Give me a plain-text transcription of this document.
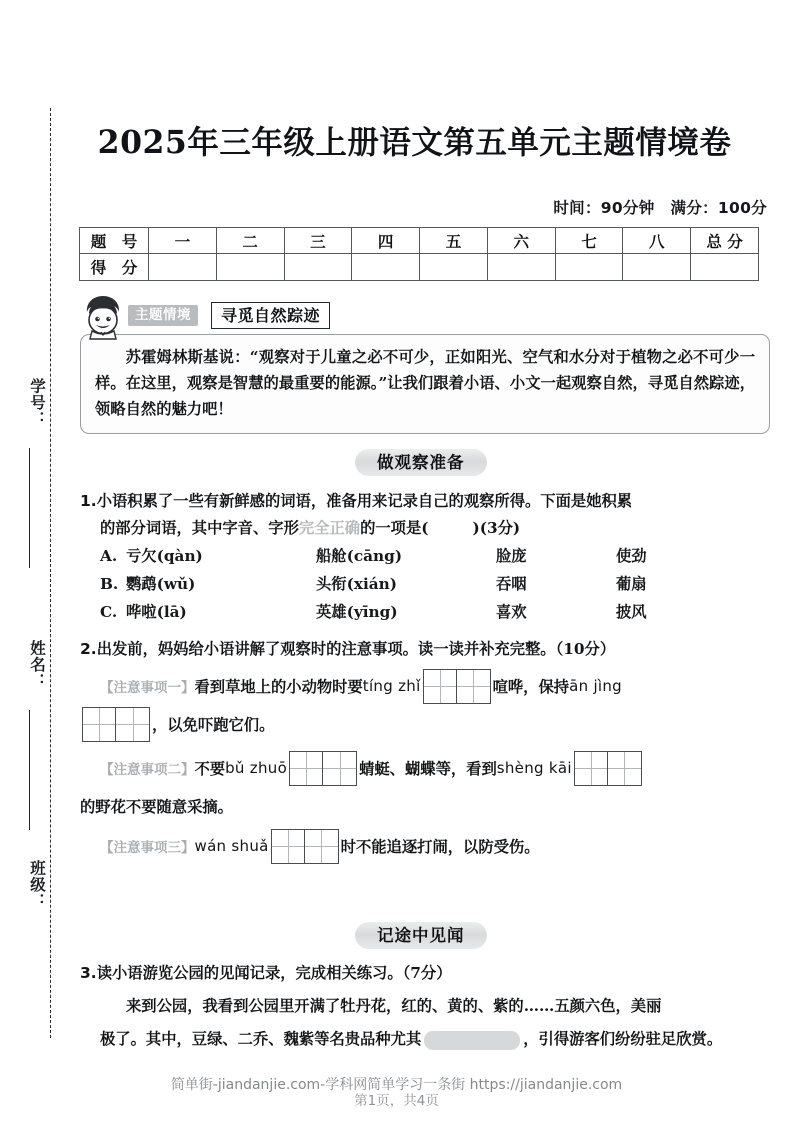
学号：
姓名：
班级：
2025年三年级上册语文第五单元主题情境卷
时间：90分钟 满分：100分
题 号	一	二	三	四	五	六	七	八	总 分
得 分									
主题情境	寻觅自然踪迹
苏霍姆林斯基说：“观察对于儿童之必不可少，正如阳光、空气和水分对于植物之必不可少一样。在这里，观察是智慧的最重要的能源。”让我们跟着小语、小文一起观察自然，寻觅自然踪迹，领略自然的魅力吧！
做观察准备
1.小语积累了一些有新鲜感的词语，准备用来记录自己的观察所得。下面是她积累
的部分词语，其中字音、字形完全正确的一项是(	)(3分)
A. 亏欠(qàn)	船舱(cāng)	脸庞	使劲
B. 鹦鹉(wǔ)	头衔(xián)	吞咽	葡扇
C. 哗啦(lā)	英雄(yīng)	喜欢	披风
2.出发前，妈妈给小语讲解了观察时的注意事项。读一读并补充完整。（10分）
【注意事项一】 看到草地上的小动物时要 tíng zhǐ	喧哗，保持 ān jìng
，以免吓跑它们。
【注意事项二】 不要 bǔ zhuō	蜻蜓、蝴蝶等，看到 shèng kāi
的野花不要随意采摘。
【注意事项三】 wán shuǎ	时不能追逐打闹，以防受伤。
记途中见闻
3.读小语游览公园的见闻记录，完成相关练习。（7分）
来到公园，我看到公园里开满了牡丹花，红的、黄的、紫的……五颜六色，美丽
极了。其中，豆绿、二乔、魏紫等名贵品种尤其	，引得游客们纷纷驻足欣赏。
简单街-jiandanjie.com-学科网简单学习一条街 https://jiandanjie.com
第1页，共4页
